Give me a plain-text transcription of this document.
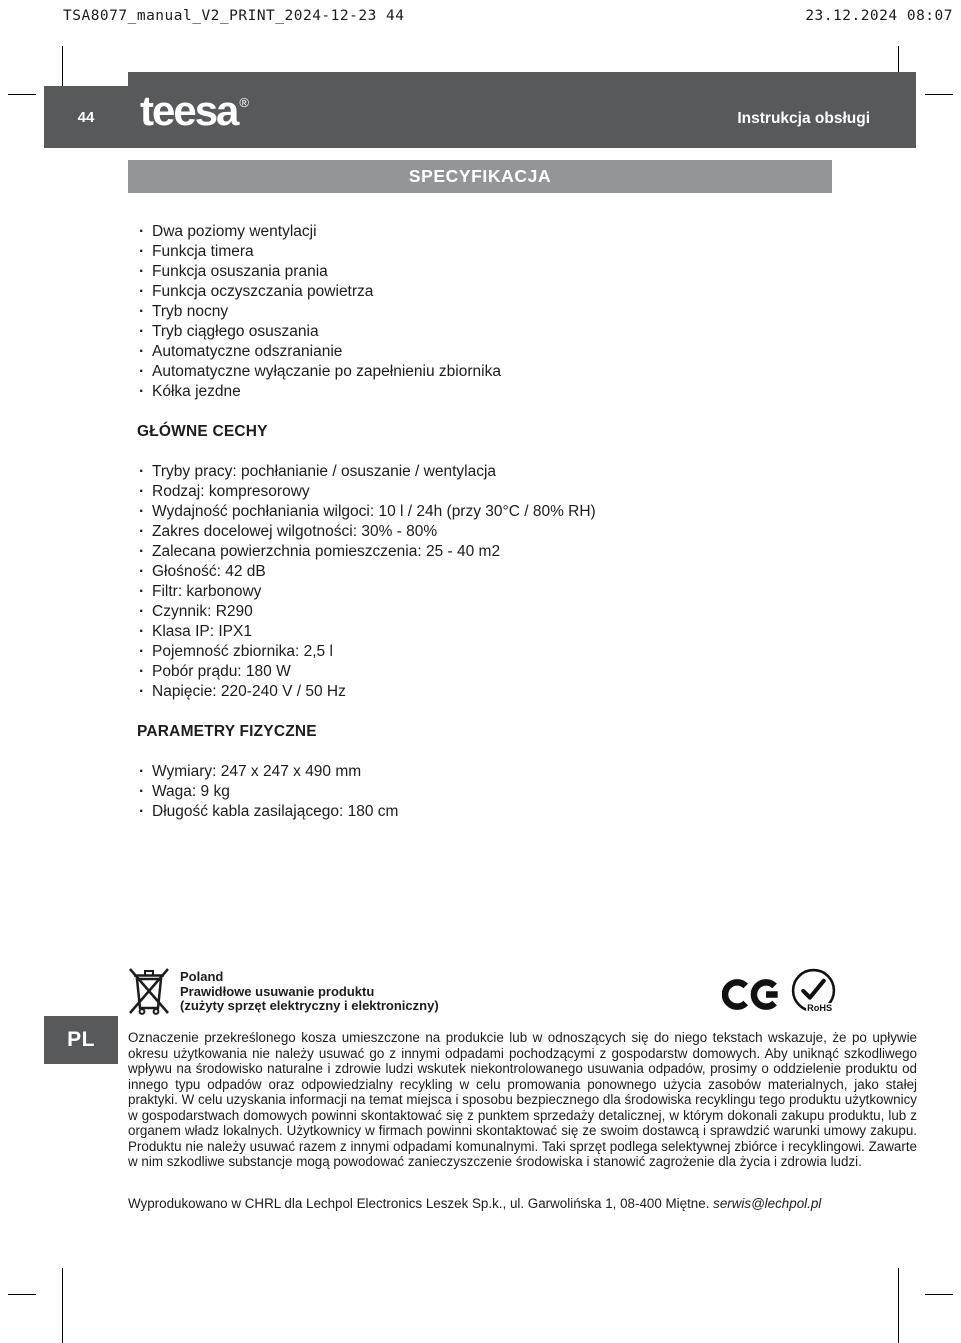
TSA8077_manual_V2_PRINT_2024-12-23 44	23.12.2024 08:07
44 teesa ®
Instrukcja obsługi
SPECYFIKACJA
· Dwa poziomy wentylacji
· Funkcja timera
· Funkcja osuszania prania
· Funkcja oczyszczania powietrza
· Tryb nocny
· Tryb ciągłego osuszania
· Automatyczne odszranianie
· Automatyczne wyłączanie po zapełnieniu zbiornika
· Kółka jezdne
GŁÓWNE CECHY
· Tryby pracy: pochłanianie / osuszanie / wentylacja
· Rodzaj: kompresorowy
· Wydajność pochłaniania wilgoci: 10 l / 24h (przy 30°C / 80% RH)
· Zakres docelowej wilgotności: 30% - 80%
· Zalecana powierzchnia pomieszczenia: 25 - 40 m2
· Głośność: 42 dB
· Filtr: karbonowy
· Czynnik: R290
· Klasa IP: IPX1
· Pojemność zbiornika: 2,5 l
· Pobór prądu: 180 W
· Napięcie: 220-240 V / 50 Hz
PARAMETRY FIZYCZNE
· Wymiary: 247 x 247 x 490 mm
· Waga: 9 kg
· Długość kabla zasilającego: 180 cm
Poland
Prawidłowe usuwanie produktu
(zużyty sprzęt elektryczny i elektroniczny)	RoHS
PL Oznaczenie przekreślonego kosza umieszczone na produkcie lub w odnoszących się do niego tekstach wskazuje, że po upływie okresu użytkowania nie należy usuwać go z innymi odpadami pochodzącymi z gospodarstw domowych. Aby uniknąć szkodliwego wpływu na środowisko naturalne i zdrowie ludzi wskutek niekontrolowanego usuwania odpadów, prosimy o oddzielenie produktu od innego typu odpadów oraz odpowiedzialny recykling w celu promowania ponownego użycia zasobów materialnych, jako stałej praktyki. W celu uzyskania informacji na temat miejsca i sposobu bezpiecznego dla środowiska recyklingu tego produktu użytkownicy w gospodarstwach domowych powinni skontaktować się z punktem sprzedaży detalicznej, w którym dokonali zakupu produktu, lub z organem władz lokalnych. Użytkownicy w firmach powinni skontaktować się ze swoim dostawcą i sprawdzić warunki umowy zakupu. Produktu nie należy usuwać razem z innymi odpadami komunalnymi. Taki sprzęt podlega selektywnej zbiórce i recyklingowi. Zawarte w nim szkodliwe substancje mogą powodować zanieczyszczenie środowiska i stanowić zagrożenie dla życia i zdrowia ludzi.

Wyprodukowano w CHRL dla Lechpol Electronics Leszek Sp.k., ul. Garwolińska 1, 08-400 Miętne. serwis@lechpol.pl
